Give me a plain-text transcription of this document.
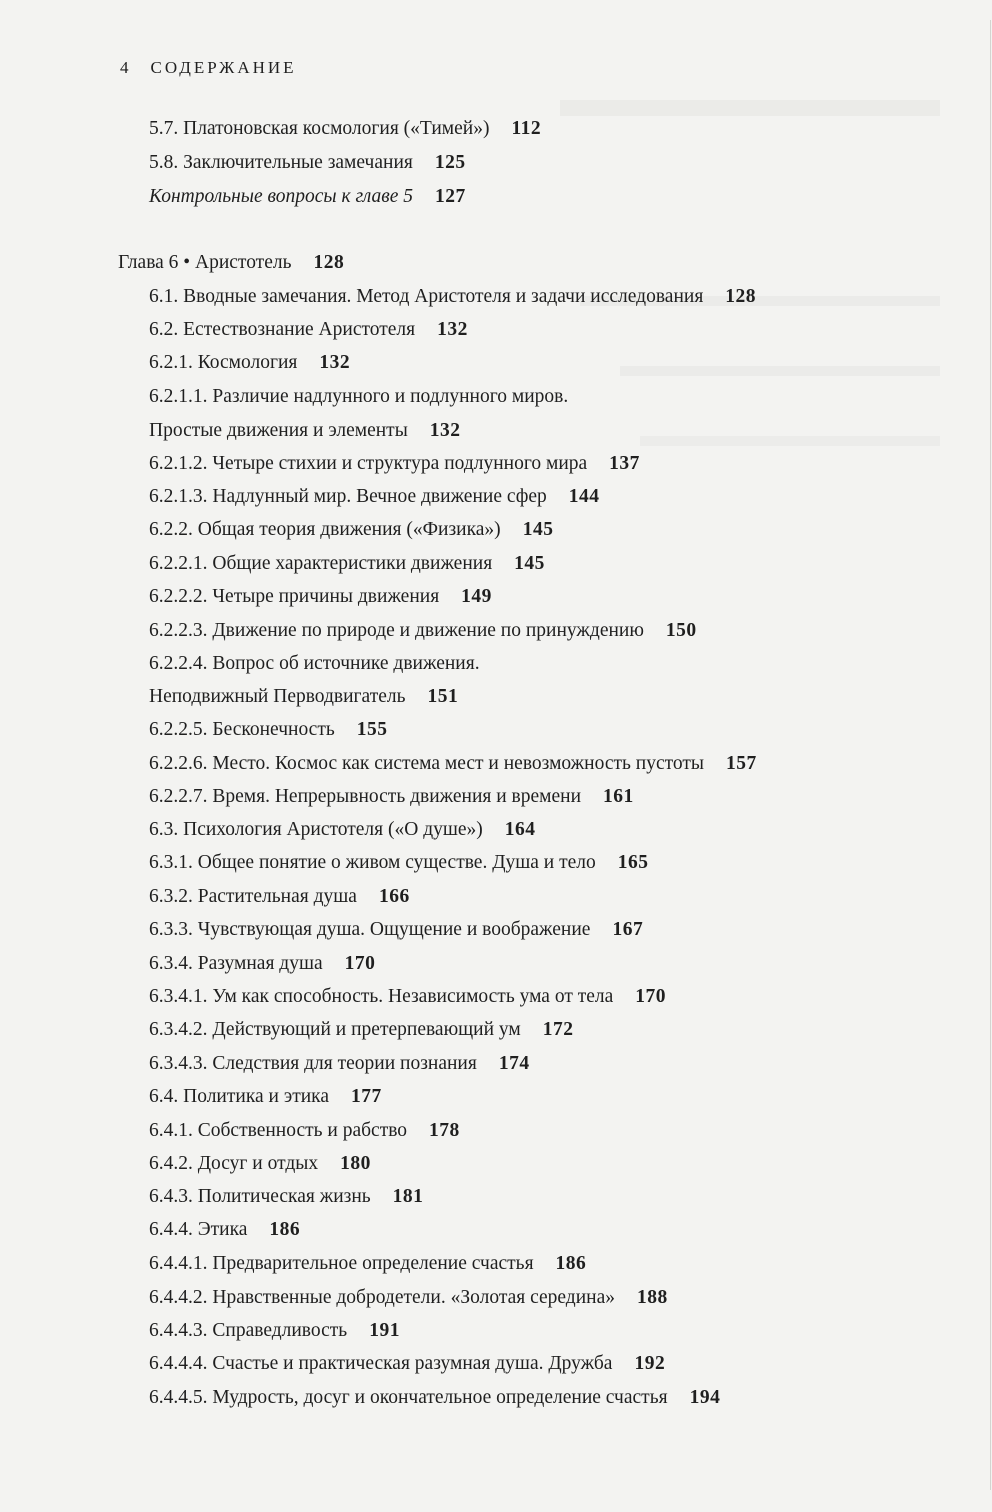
4 СОДЕРЖАНИЕ
5.7. Платоновская космология («Тимей») 112
5.8. Заключительные замечания 125
Контрольные вопросы к главе 5 127
Глава 6 • Аристотель 128
6.1. Вводные замечания. Метод Аристотеля и задачи исследования 128
6.2. Естествознание Аристотеля 132
6.2.1. Космология 132
6.2.1.1. Различие надлунного и подлунного миров.
Простые движения и элементы 132
6.2.1.2. Четыре стихии и структура подлунного мира 137
6.2.1.3. Надлунный мир. Вечное движение сфер 144
6.2.2. Общая теория движения («Физика») 145
6.2.2.1. Общие характеристики движения 145
6.2.2.2. Четыре причины движения 149
6.2.2.3. Движение по природе и движение по принуждению 150
6.2.2.4. Вопрос об источнике движения.
Неподвижный Перводвигатель 151
6.2.2.5. Бесконечность 155
6.2.2.6. Место. Космос как система мест и невозможность пустоты 157
6.2.2.7. Время. Непрерывность движения и времени 161
6.3. Психология Аристотеля («О душе») 164
6.3.1. Общее понятие о живом существе. Душа и тело 165
6.3.2. Растительная душа 166
6.3.3. Чувствующая душа. Ощущение и воображение 167
6.3.4. Разумная душа 170
6.3.4.1. Ум как способность. Независимость ума от тела 170
6.3.4.2. Действующий и претерпевающий ум 172
6.3.4.3. Следствия для теории познания 174
6.4. Политика и этика 177
6.4.1. Собственность и рабство 178
6.4.2. Досуг и отдых 180
6.4.3. Политическая жизнь 181
6.4.4. Этика 186
6.4.4.1. Предварительное определение счастья 186
6.4.4.2. Нравственные добродетели. «Золотая середина» 188
6.4.4.3. Справедливость 191
6.4.4.4. Счастье и практическая разумная душа. Дружба 192
6.4.4.5. Мудрость, досуг и окончательное определение счастья 194
